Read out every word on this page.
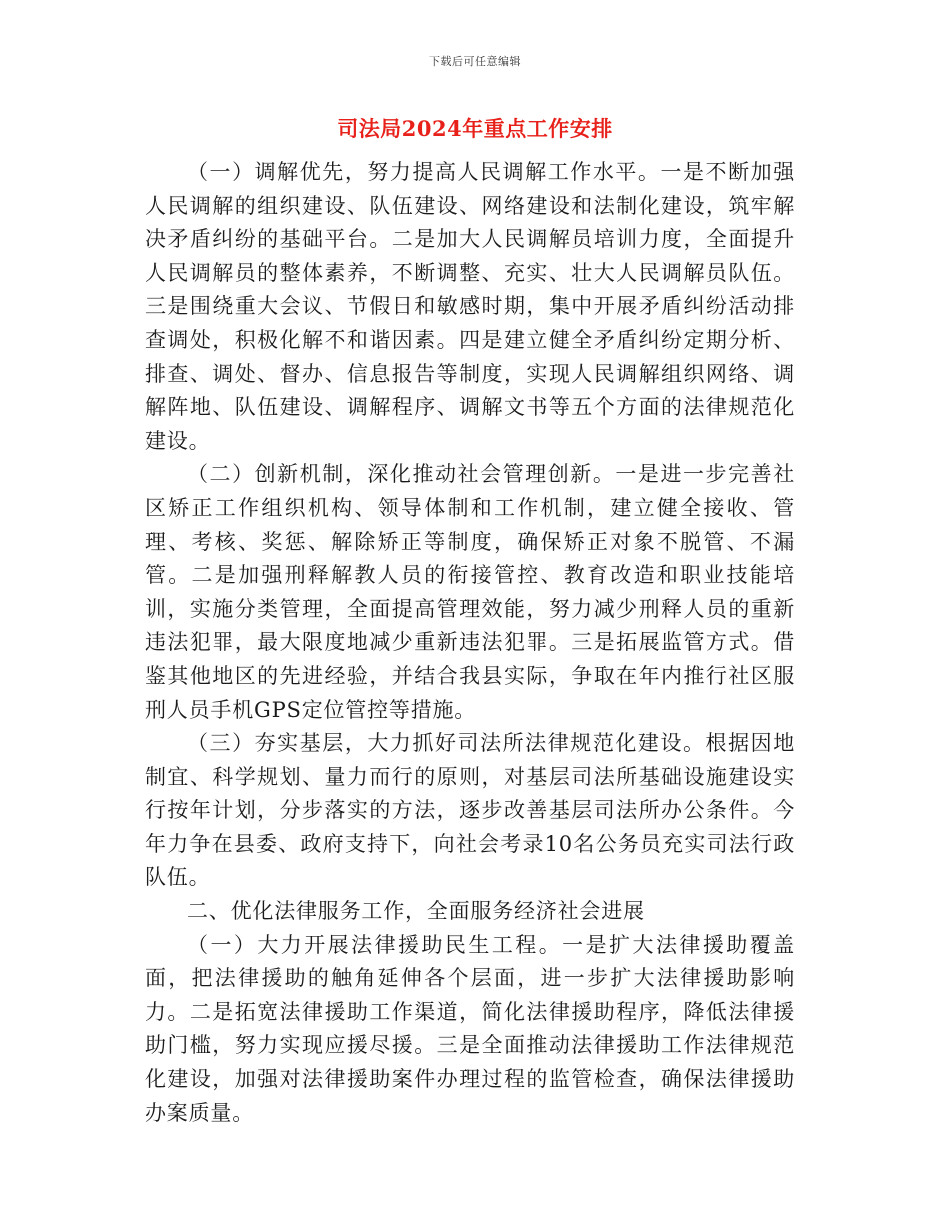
下载后可任意编辑
司法局2024年重点工作安排

（一）调解优先，努力提高人民调解工作水平。一是不断加强人民调解的组织建设、队伍建设、网络建设和法制化建设，筑牢解决矛盾纠纷的基础平台。二是加大人民调解员培训力度，全面提升人民调解员的整体素养，不断调整、充实、壮大人民调解员队伍。三是围绕重大会议、节假日和敏感时期，集中开展矛盾纠纷活动排查调处，积极化解不和谐因素。四是建立健全矛盾纠纷定期分析、排查、调处、督办、信息报告等制度，实现人民调解组织网络、调解阵地、队伍建设、调解程序、调解文书等五个方面的法律规范化建设。

（二）创新机制，深化推动社会管理创新。一是进一步完善社区矫正工作组织机构、领导体制和工作机制，建立健全接收、管理、考核、奖惩、解除矫正等制度，确保矫正对象不脱管、不漏管。二是加强刑释解教人员的衔接管控、教育改造和职业技能培训，实施分类管理，全面提高管理效能，努力减少刑释人员的重新违法犯罪，最大限度地减少重新违法犯罪。三是拓展监管方式。借鉴其他地区的先进经验，并结合我县实际，争取在年内推行社区服刑人员手机GPS定位管控等措施。

（三）夯实基层，大力抓好司法所法律规范化建设。根据因地制宜、科学规划、量力而行的原则，对基层司法所基础设施建设实行按年计划，分步落实的方法，逐步改善基层司法所办公条件。今年力争在县委、政府支持下，向社会考录10名公务员充实司法行政队伍。

二、优化法律服务工作，全面服务经济社会进展

（一）大力开展法律援助民生工程。一是扩大法律援助覆盖面，把法律援助的触角延伸各个层面，进一步扩大法律援助影响力。二是拓宽法律援助工作渠道，简化法律援助程序，降低法律援助门槛，努力实现应援尽援。三是全面推动法律援助工作法律规范化建设，加强对法律援助案件办理过程的监管检查，确保法律援助办案质量。
